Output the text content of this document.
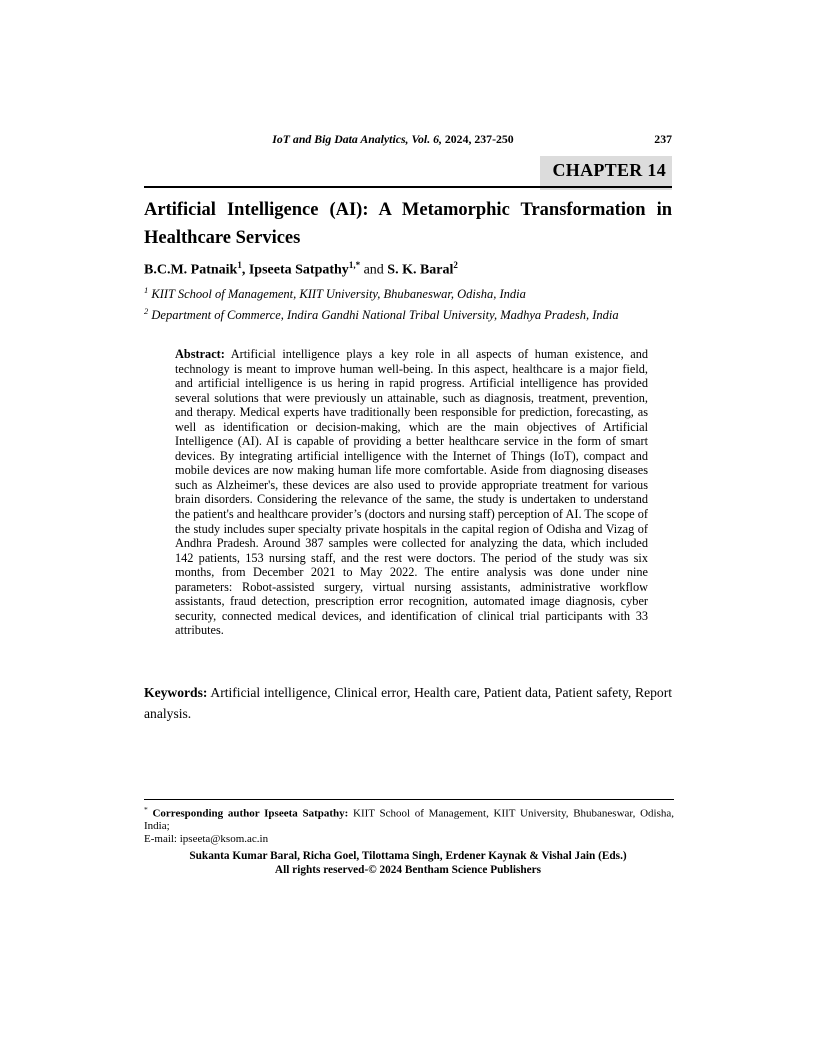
IoT and Big Data Analytics, Vol. 6, 2024, 237-250	237
CHAPTER 14
Artificial Intelligence (AI): A Metamorphic Transformation in Healthcare Services
B.C.M. Patnaik$^1$, Ipseeta Satpathy$^{1,*}$ and S. K. Baral$^2$
$^1$ KIIT School of Management, KIIT University, Bhubaneswar, Odisha, India
$^2$ Department of Commerce, Indira Gandhi National Tribal University, Madhya Pradesh, India
Abstract: Artificial intelligence plays a key role in all aspects of human existence, and technology is meant to improve human well-being. In this aspect, healthcare is a major field, and artificial intelligence is us hering in rapid progress. Artificial intelligence has provided several solutions that were previously un attainable, such as diagnosis, treatment, prevention, and therapy. Medical experts have traditionally been responsible for prediction, forecasting, as well as identification or decision-making, which are the main objectives of Artificial Intelligence (AI). AI is capable of providing a better healthcare service in the form of smart devices. By integrating artificial intelligence with the Internet of Things (IoT), compact and mobile devices are now making human life more comfortable. Aside from diagnosing diseases such as Alzheimer's, these devices are also used to provide appropriate treatment for various brain disorders. Considering the relevance of the same, the study is undertaken to understand the patient's and healthcare provider’s (doctors and nursing staff) perception of AI. The scope of the study includes super specialty private hospitals in the capital region of Odisha and Vizag of Andhra Pradesh. Around 387 samples were collected for analyzing the data, which included 142 patients, 153 nursing staff, and the rest were doctors. The period of the study was six months, from December 2021 to May 2022. The entire analysis was done under nine parameters: Robot-assisted surgery, virtual nursing assistants, administrative workflow assistants, fraud detection, prescription error recognition, automated image diagnosis, cyber security, connected medical devices, and identification of clinical trial participants with 33 attributes.
Keywords: Artificial intelligence, Clinical error, Health care, Patient data, Patient safety, Report analysis.
* Corresponding author Ipseeta Satpathy: KIIT School of Management, KIIT University, Bhubaneswar, Odisha, India;
E-mail: ipseeta@ksom.ac.in
Sukanta Kumar Baral, Richa Goel, Tilottama Singh, Erdener Kaynak & Vishal Jain (Eds.)
All rights reserved-© 2024 Bentham Science Publishers
